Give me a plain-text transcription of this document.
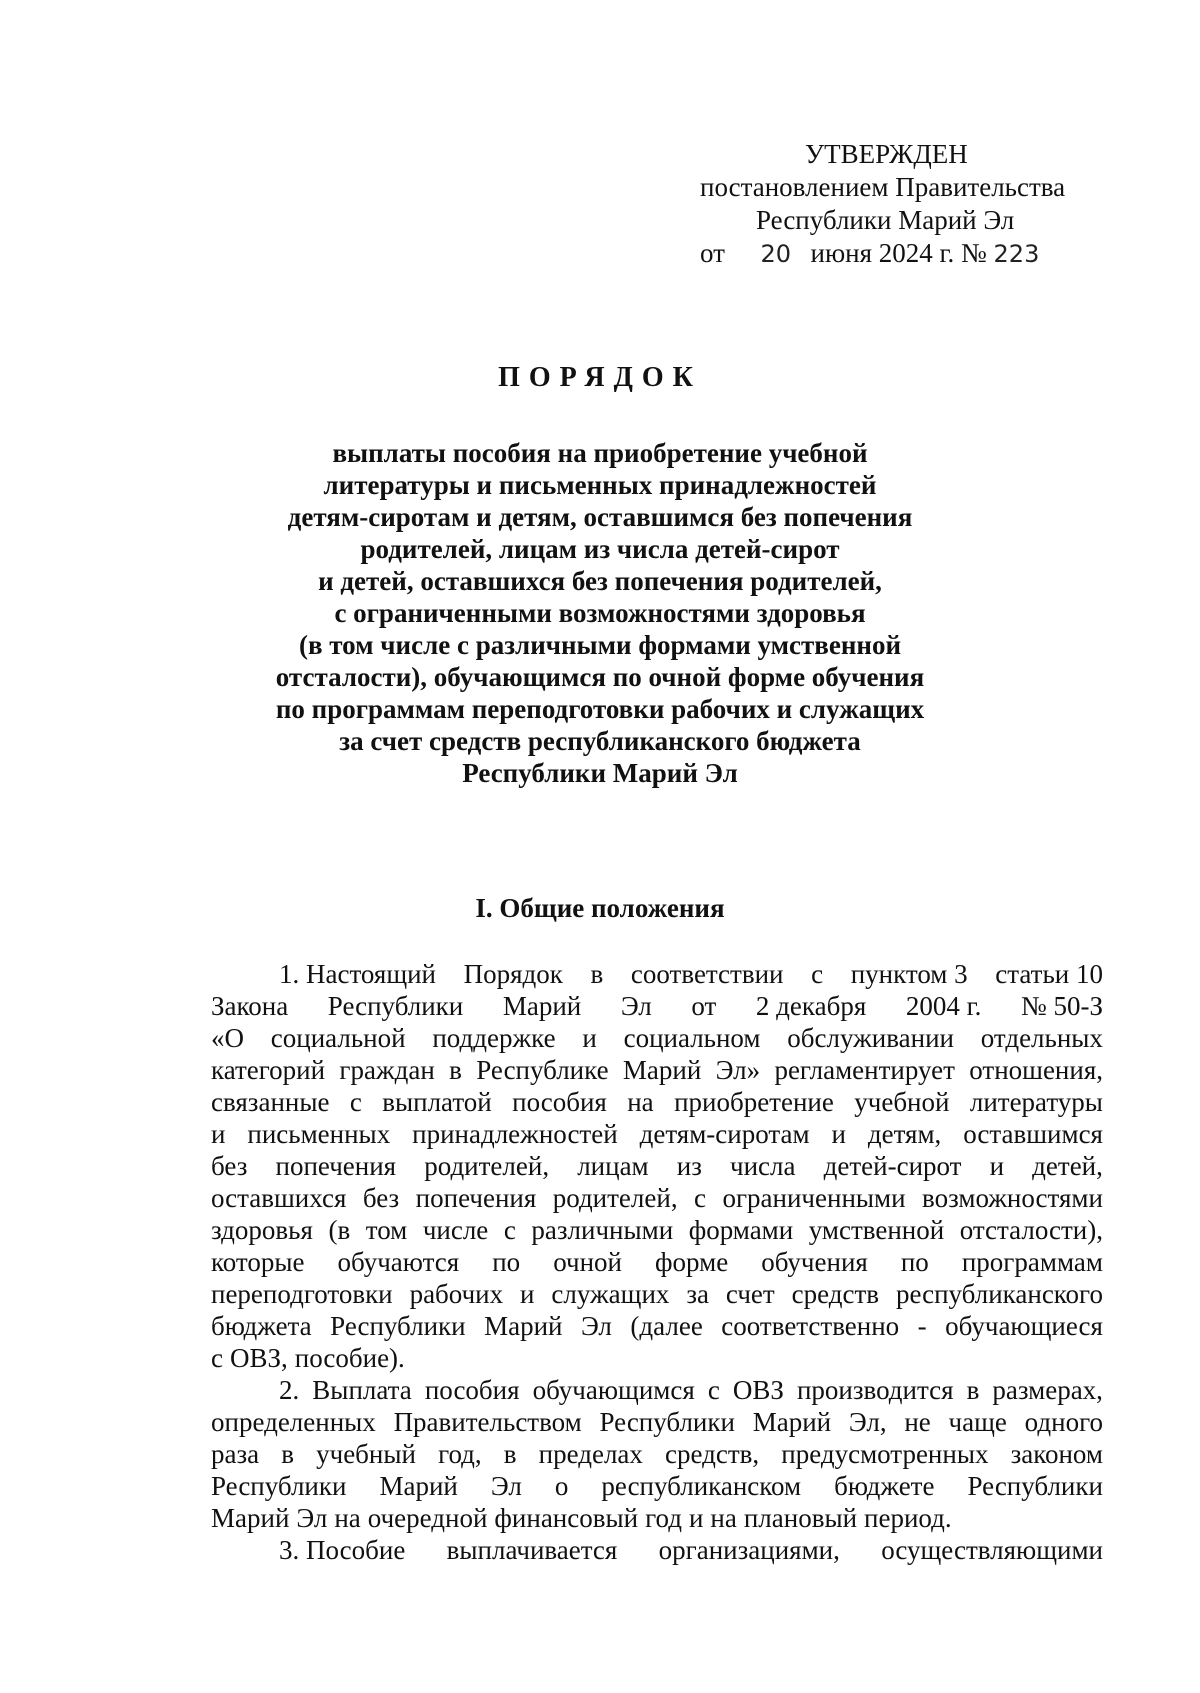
УТВЕРЖДЕН
постановлением Правительства
Республики Марий Эл
от 20 июня 2024 г. № 223
ПОРЯДОК
выплаты пособия на приобретение учебной
литературы и письменных принадлежностей
детям-сиротам и детям, оставшимся без попечения
родителей, лицам из числа детей-сирот
и детей, оставшихся без попечения родителей,
с ограниченными возможностями здоровья
(в том числе с различными формами умственной
отсталости), обучающимся по очной форме обучения
по программам переподготовки рабочих и служащих
за счет средств республиканского бюджета
Республики Марий Эл
I. Общие положения
1. Настоящий Порядок в соответствии с пунктом 3 статьи 10
Закона Республики Марий Эл от 2 декабря 2004 г. № 50-З
«О социальной поддержке и социальном обслуживании отдельных
категорий граждан в Республике Марий Эл» регламентирует отношения,
связанные с выплатой пособия на приобретение учебной литературы
и письменных принадлежностей детям-сиротам и детям, оставшимся
без попечения родителей, лицам из числа детей-сирот и детей,
оставшихся без попечения родителей, с ограниченными возможностями
здоровья (в том числе с различными формами умственной отсталости),
которые обучаются по очной форме обучения по программам
переподготовки рабочих и служащих за счет средств республиканского
бюджета Республики Марий Эл (далее соответственно - обучающиеся
с ОВЗ, пособие).
2. Выплата пособия обучающимся с ОВЗ производится в размерах,
определенных Правительством Республики Марий Эл, не чаще одного
раза в учебный год, в пределах средств, предусмотренных законом
Республики Марий Эл о республиканском бюджете Республики
Марий Эл на очередной финансовый год и на плановый период.
3. Пособие выплачивается организациями, осуществляющими
